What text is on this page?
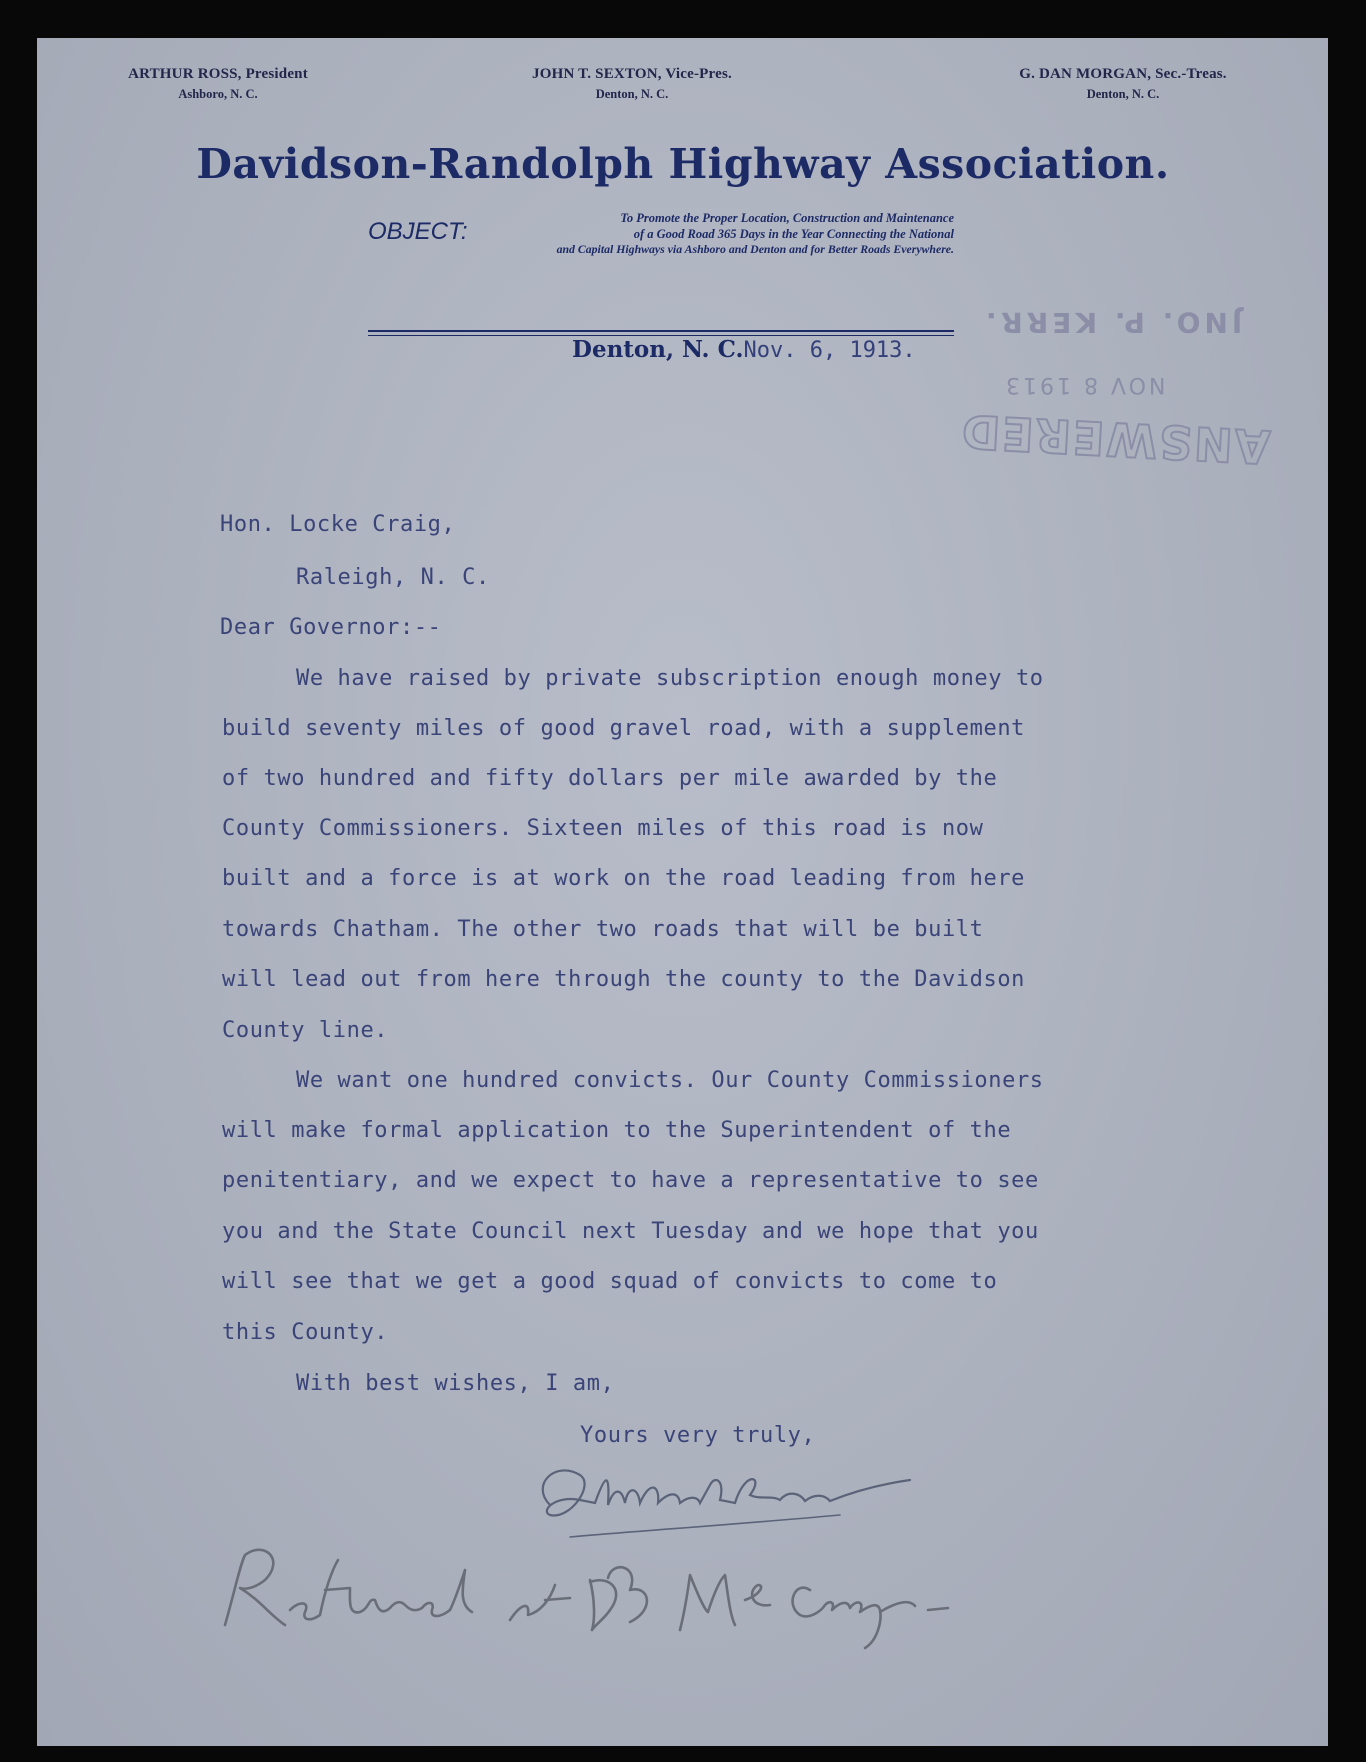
ARTHUR ROSS, President
Ashboro, N. C.
JOHN T. SEXTON, Vice-Pres.
Denton, N. C.
G. DAN MORGAN, Sec.-Treas.
Denton, N. C.
Davidson-Randolph Highway Association.
OBJECT:	To Promote the Proper Location, Construction and Maintenance
of a Good Road 365 Days in the Year Connecting the National
and Capital Highways via Ashboro and Denton and for Better Roads Everywhere.
Denton, N. C.Nov. 6, 1913.
JNO. P. KERR.
NOV 8 1913
ANSWERED
Hon. Locke Craig,
Raleigh, N. C.
Dear Governor:--
We have raised by private subscription enough money to
build seventy miles of good gravel road, with a supplement
of two hundred and fifty dollars per mile awarded by the
County Commissioners. Sixteen miles of this road is now
built and a force is at work on the road leading from here
towards Chatham. The other two roads that will be built
will lead out from here through the county to the Davidson
County line.
We want one hundred convicts. Our County Commissioners
will make formal application to the Superintendent of the
penitentiary, and we expect to have a representative to see
you and the State Council next Tuesday and we hope that you
will see that we get a good squad of convicts to come to
this County.
With best wishes, I am,
Yours very truly,
